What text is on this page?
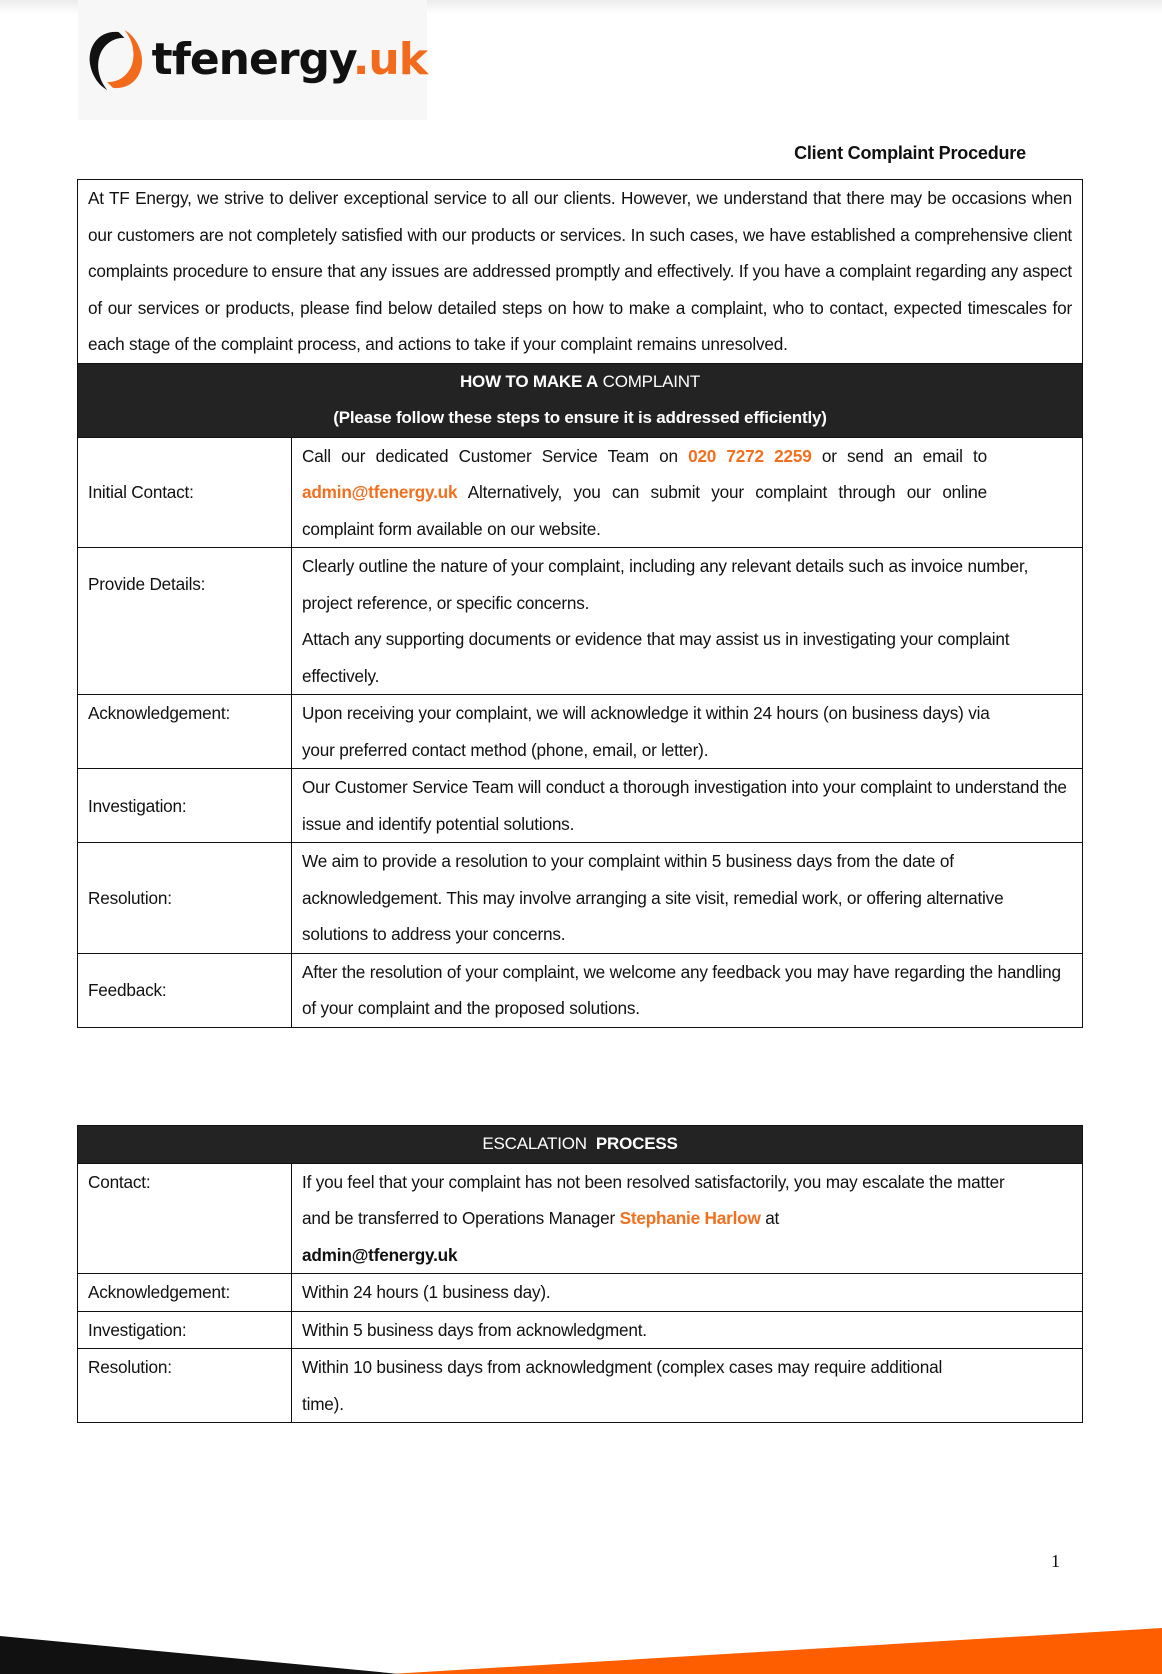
tfenergy.uk
Client Complaint Procedure
At TF Energy, we strive to deliver exceptional service to all our clients. However, we understand that there may be occasions when our customers are not completely satisfied with our products or services. In such cases, we have established a comprehensive client complaints procedure to ensure that any issues are addressed promptly and effectively. If you have a complaint regarding any aspect of our services or products, please find below detailed steps on how to make a complaint, who to contact, expected timescales for each stage of the complaint process, and actions to take if your complaint remains unresolved.	

HOW TO MAKE A COMPLAINT
(Please follow these steps to ensure it is addressed efficiently)	

Initial Contact:	Call our dedicated Customer Service Team on 020 7272 2259 or send an email to admin@tfenergy.uk Alternatively, you can submit your complaint through our online complaint form available on our website.
Provide Details:	Clearly outline the nature of your complaint, including any relevant details such as invoice number, project reference, or specific concerns.
Attach any supporting documents or evidence that may assist us in investigating your complaint effectively.

Acknowledgement:	Upon receiving your complaint, we will acknowledge it within 24 hours (on business days) via your preferred contact method (phone, email, or letter).
Investigation:	Our Customer Service Team will conduct a thorough investigation into your complaint to understand the issue and identify potential solutions.
Resolution:	We aim to provide a resolution to your complaint within 5 business days from the date of acknowledgement. This may involve arranging a site visit, remedial work, or offering alternative solutions to address your concerns.
Feedback:	After the resolution of your complaint, we welcome any feedback you may have regarding the handling of your complaint and the proposed solutions.
ESCALATION PROCESS	
Contact:	If you feel that your complaint has not been resolved satisfactorily, you may escalate the matter and be transferred to Operations Manager Stephanie Harlow at
admin@tfenergy.uk
Acknowledgement:	Within 24 hours (1 business day).
Investigation:	Within 5 business days from acknowledgment.
Resolution:	Within 10 business days from acknowledgment (complex cases may require additional time).
1
